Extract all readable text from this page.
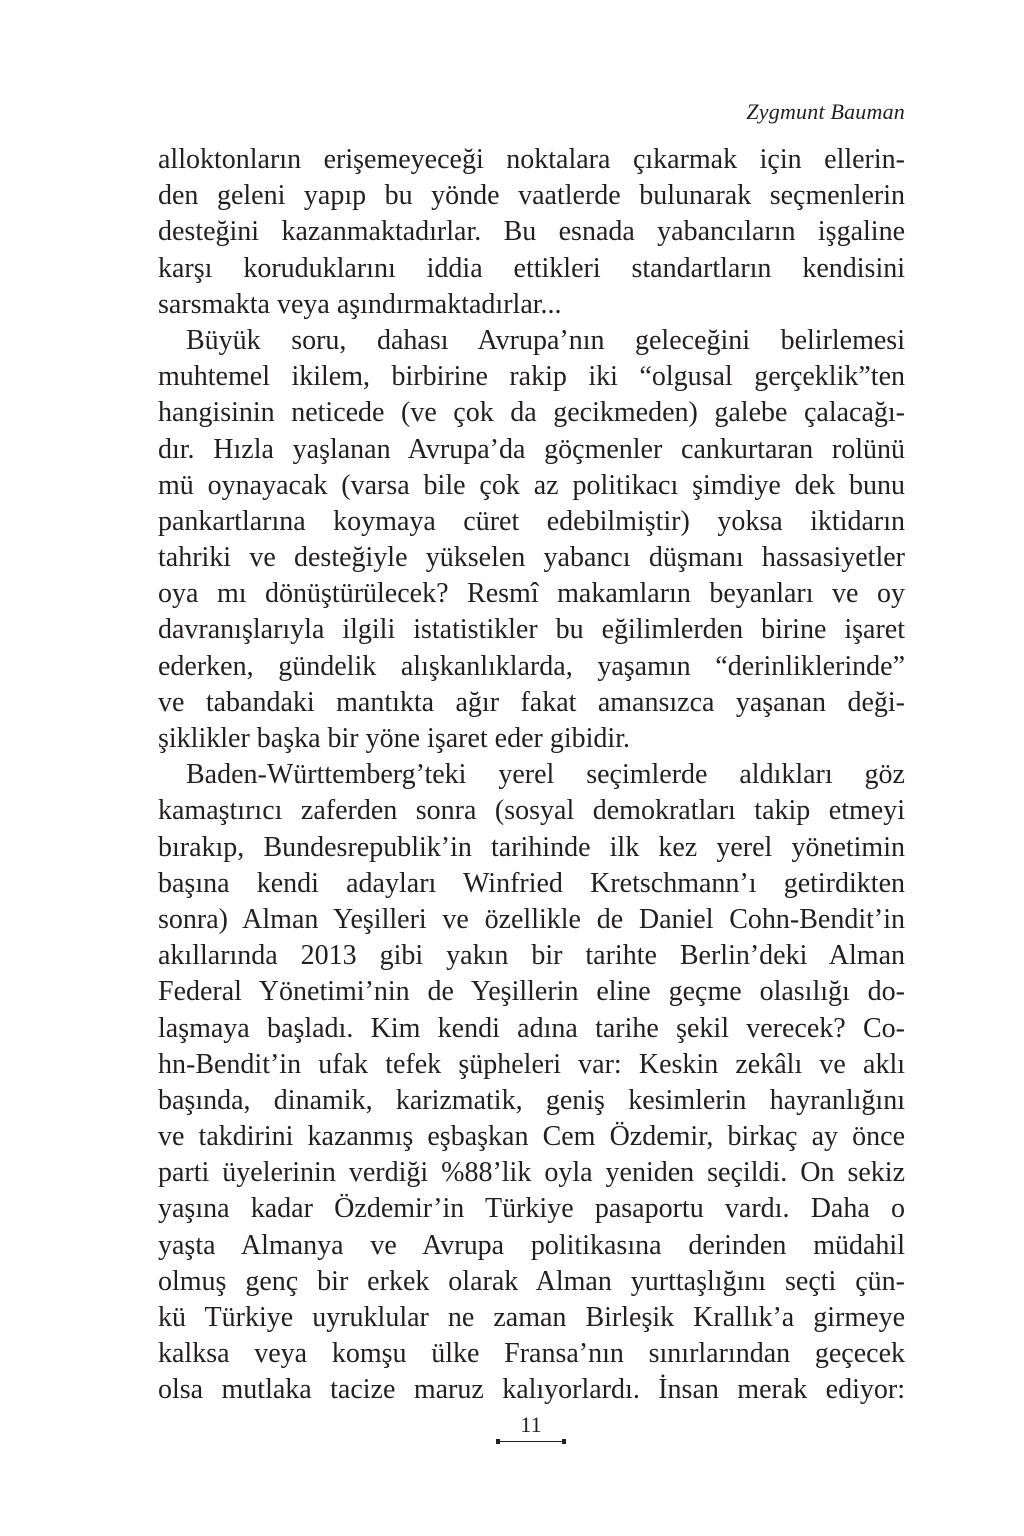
Zygmunt Bauman
alloktonların erişemeyeceği noktalara çıkarmak için ellerin-
den geleni yapıp bu yönde vaatlerde bulunarak seçmenlerin
desteğini kazanmaktadırlar. Bu esnada yabancıların işgaline
karşı koruduklarını iddia ettikleri standartların kendisini
sarsmakta veya aşındırmaktadırlar...
Büyük soru, dahası Avrupa’nın geleceğini belirlemesi
muhtemel ikilem, birbirine rakip iki “olgusal gerçeklik”ten
hangisinin neticede (ve çok da gecikmeden) galebe çalacağı-
dır. Hızla yaşlanan Avrupa’da göçmenler cankurtaran rolünü
mü oynayacak (varsa bile çok az politikacı şimdiye dek bunu
pankartlarına koymaya cüret edebilmiştir) yoksa iktidarın
tahriki ve desteğiyle yükselen yabancı düşmanı hassasiyetler
oya mı dönüştürülecek? Resmî makamların beyanları ve oy
davranışlarıyla ilgili istatistikler bu eğilimlerden birine işaret
ederken, gündelik alışkanlıklarda, yaşamın “derinliklerinde”
ve tabandaki mantıkta ağır fakat amansızca yaşanan deği-
şiklikler başka bir yöne işaret eder gibidir.
Baden-Württemberg’teki yerel seçimlerde aldıkları göz
kamaştırıcı zaferden sonra (sosyal demokratları takip etmeyi
bırakıp, Bundesrepublik’in tarihinde ilk kez yerel yönetimin
başına kendi adayları Winfried Kretschmann’ı getirdikten
sonra) Alman Yeşilleri ve özellikle de Daniel Cohn-Bendit’in
akıllarında 2013 gibi yakın bir tarihte Berlin’deki Alman
Federal Yönetimi’nin de Yeşillerin eline geçme olasılığı do-
laşmaya başladı. Kim kendi adına tarihe şekil verecek? Co-
hn-Bendit’in ufak tefek şüpheleri var: Keskin zekâlı ve aklı
başında, dinamik, karizmatik, geniş kesimlerin hayranlığını
ve takdirini kazanmış eşbaşkan Cem Özdemir, birkaç ay önce
parti üyelerinin verdiği %88’lik oyla yeniden seçildi. On sekiz
yaşına kadar Özdemir’in Türkiye pasaportu vardı. Daha o
yaşta Almanya ve Avrupa politikasına derinden müdahil
olmuş genç bir erkek olarak Alman yurttaşlığını seçti çün-
kü Türkiye uyruklular ne zaman Birleşik Krallık’a girmeye
kalksa veya komşu ülke Fransa’nın sınırlarından geçecek
olsa mutlaka tacize maruz kalıyorlardı. İnsan merak ediyor:
11
